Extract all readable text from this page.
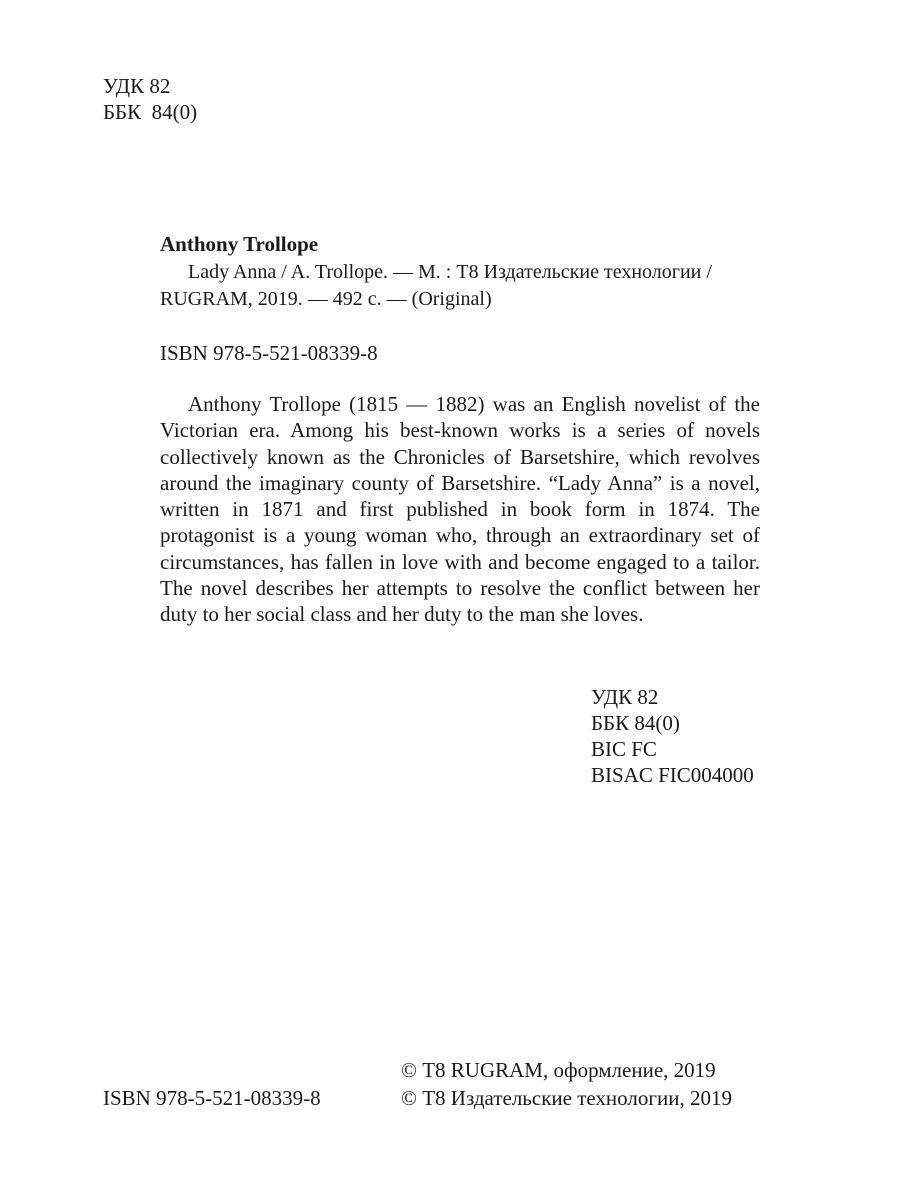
УДК 82
ББК  84(0)
Anthony Trollope
Lady Anna / A. Trollope. — М. : Т8 Издательские технологии /
RUGRAM, 2019. — 492 с. — (Original)
ISBN 978-5-521-08339-8
Anthony Trollope (1815 — 1882) was an English novelist of the Victorian era. Among his best-known works is a series of novels collectively known as the Chronicles of Barsetshire, which revolves around the imaginary county of Barsetshire. “Lady Anna” is a novel, written in 1871 and first published in book form in 1874. The protagonist is a young woman who, through an extraordinary set of circumstances, has fallen in love with and become engaged to a tailor. The novel describes her attempts to resolve the conflict between her duty to her social class and her duty to the man she loves.
УДК 82
ББК 84(0)
BIC FC
BISAC FIC004000
© Т8 RUGRAM, оформление, 2019
© Т8 Издательские технологии, 2019
ISBN 978-5-521-08339-8
